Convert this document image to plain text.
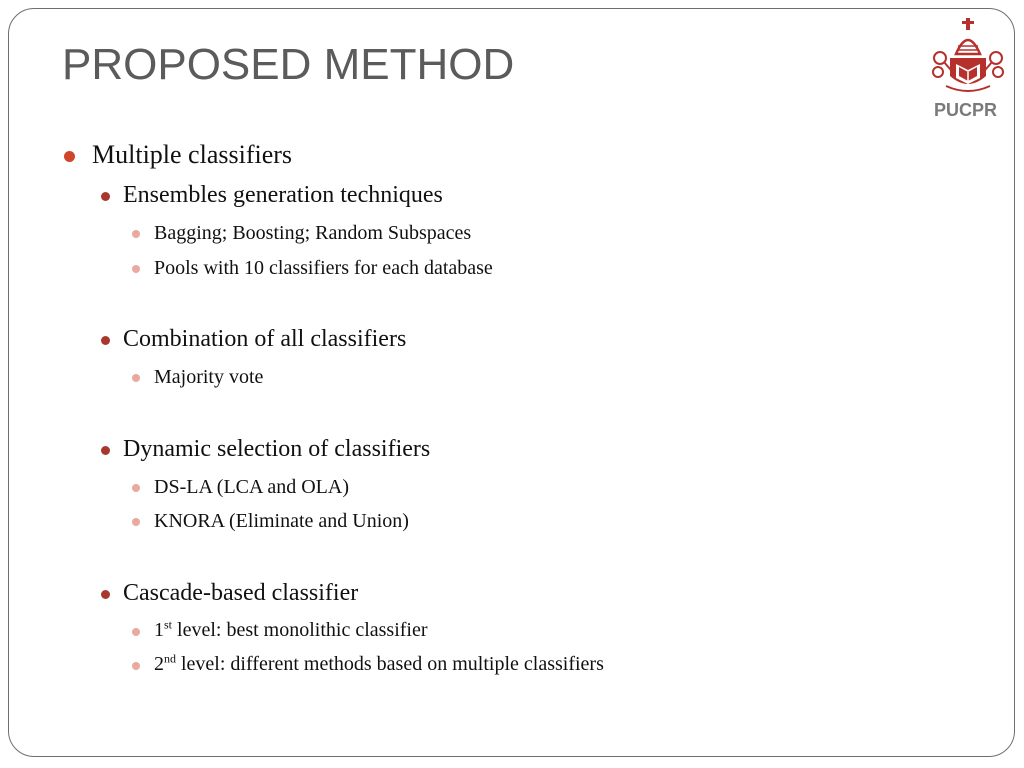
PROPOSED METHOD
PUCPR
Multiple classifiers
Ensembles generation techniques
Bagging; Boosting; Random Subspaces
Pools with 10 classifiers for each database
Combination of all classifiers
Majority vote
Dynamic selection of classifiers
DS-LA (LCA and OLA)
KNORA (Eliminate and Union)
Cascade-based classifier
1st level: best monolithic classifier
2nd level: different methods based on multiple classifiers
